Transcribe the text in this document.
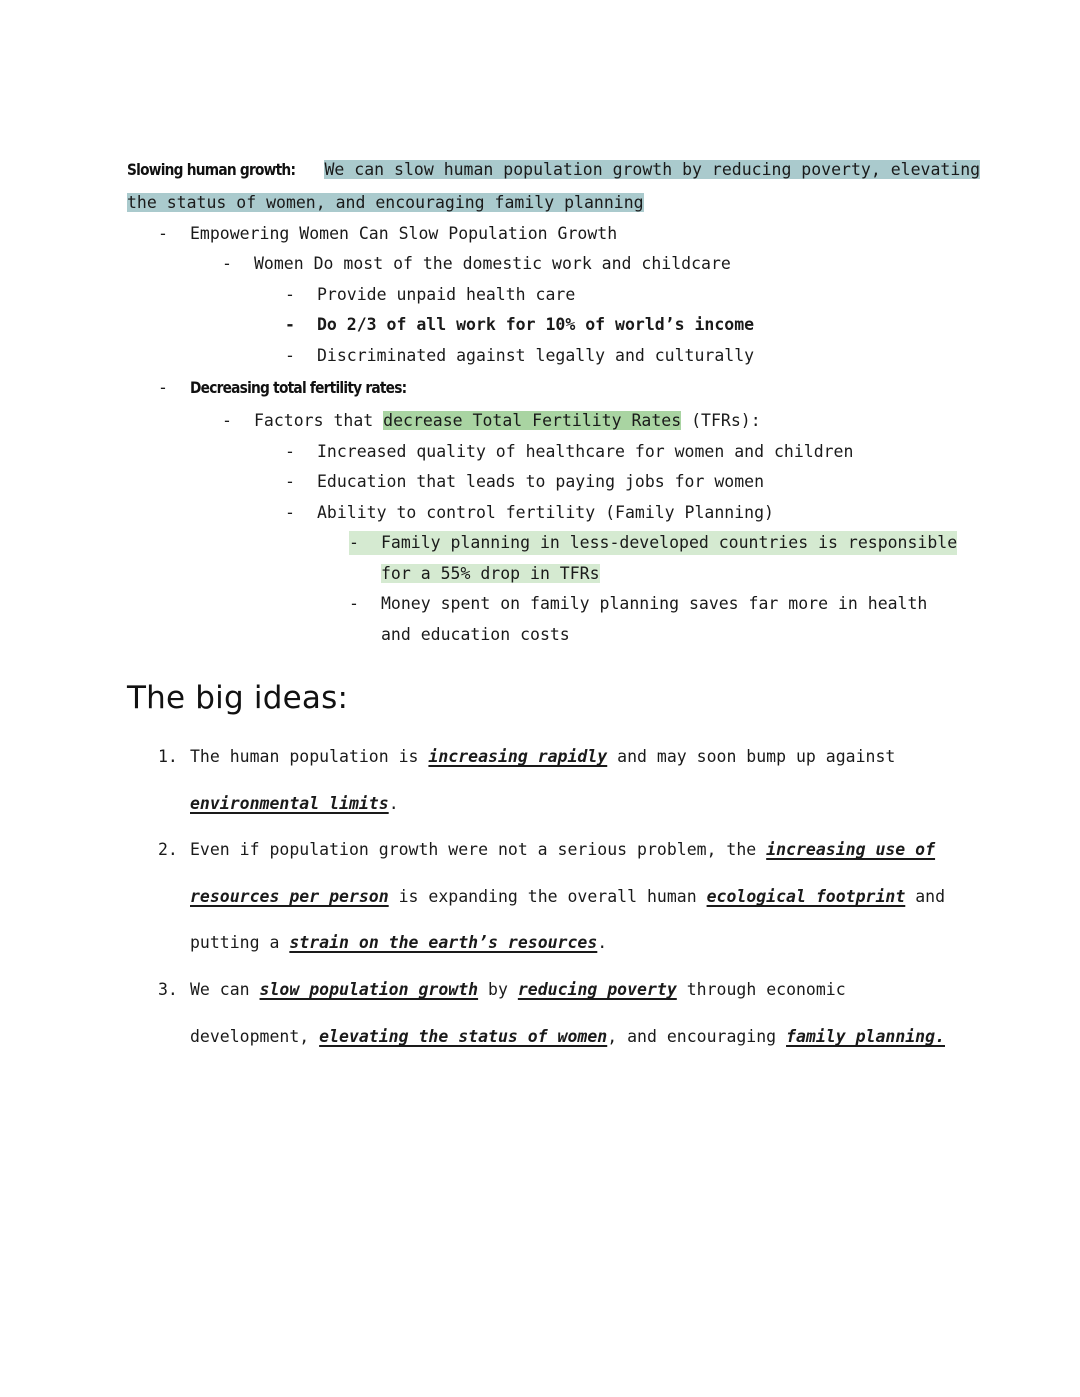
Slowing human growth: We can slow human population growth by reducing poverty, elevating
the status of women, and encouraging family planning
- Empowering Women Can Slow Population Growth
- Women Do most of the domestic work and childcare
- Provide unpaid health care
- Do 2/3 of all work for 10% of world’s income
- Discriminated against legally and culturally
- Decreasing total fertility rates:
- Factors that decrease Total Fertility Rates (TFRs):
- Increased quality of healthcare for women and children
- Education that leads to paying jobs for women
- Ability to control fertility (Family Planning)
- Family planning in less-developed countries is responsible
for a 55% drop in TFRs
- Money spent on family planning saves far more in health
and education costs
The big ideas:
1. The human population is increasing rapidly and may soon bump up against
environmental limits.
2. Even if population growth were not a serious problem, the increasing use of
resources per person is expanding the overall human ecological footprint and
putting a strain on the earth’s resources.
3. We can slow population growth by reducing poverty through economic
development, elevating the status of women, and encouraging family planning.
